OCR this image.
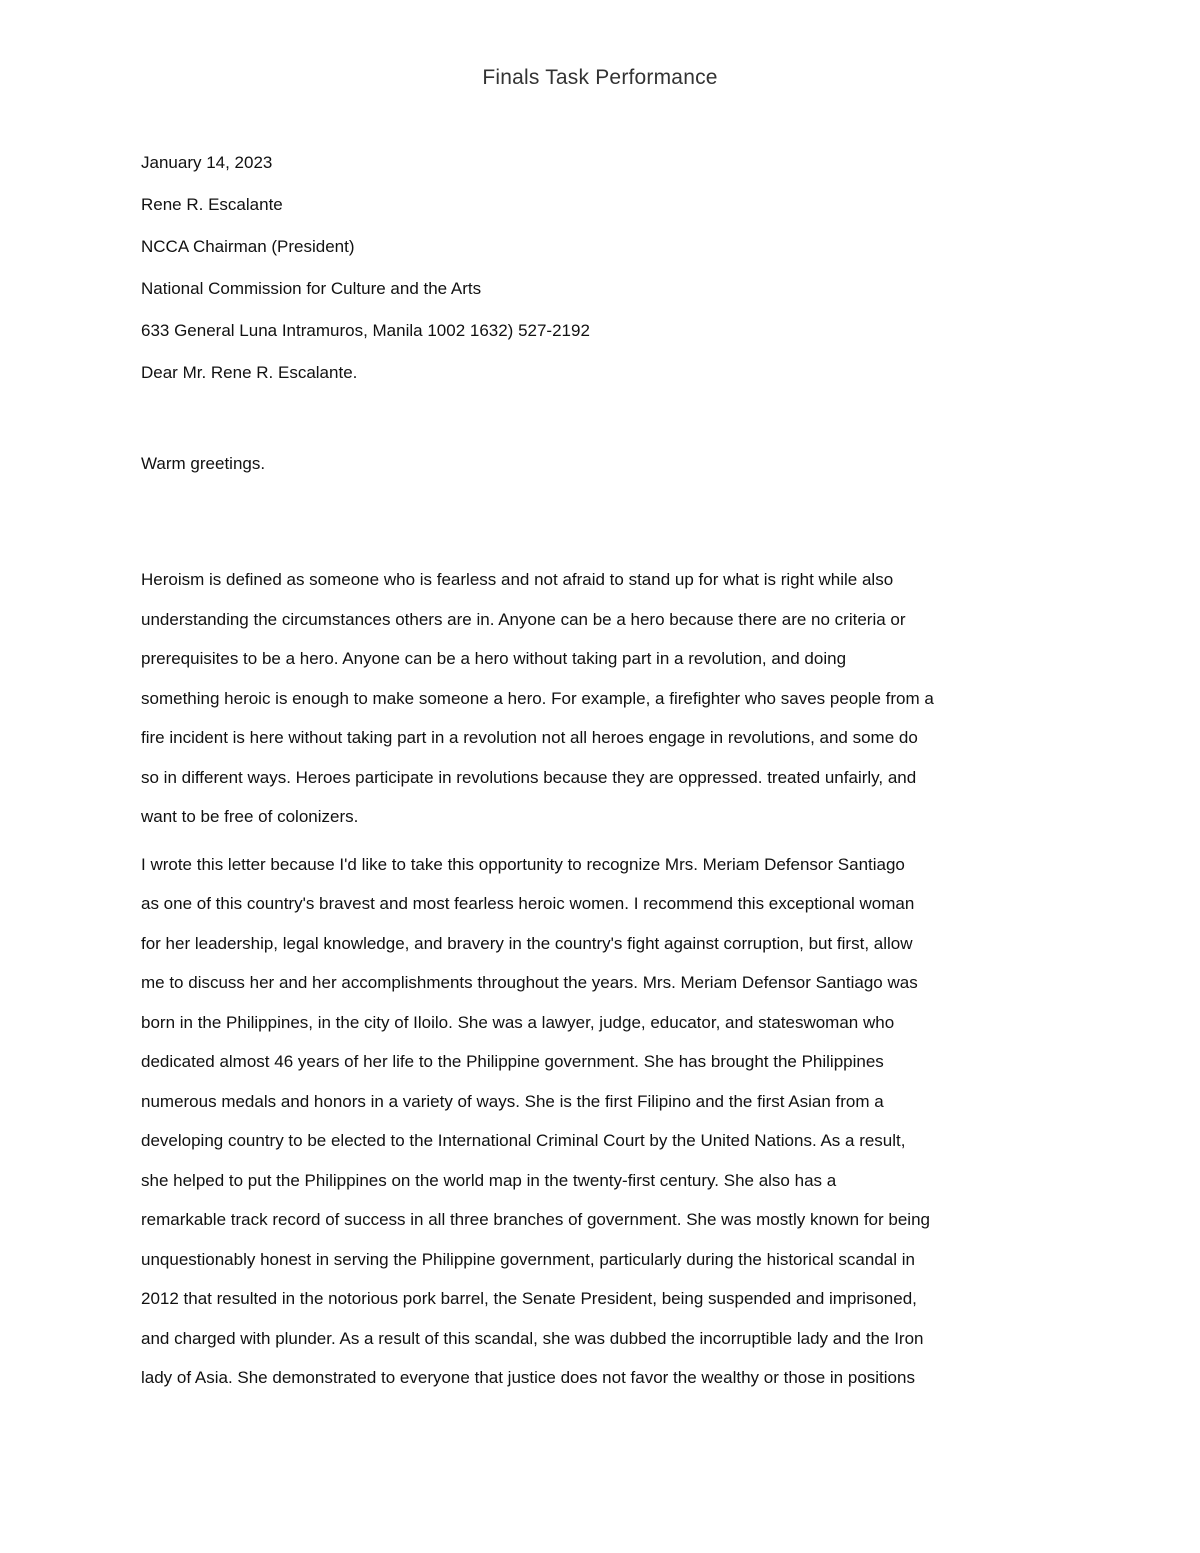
Finals Task Performance
January 14, 2023
Rene R. Escalante
NCCA Chairman (President)
National Commission for Culture and the Arts
633 General Luna Intramuros, Manila 1002 1632) 527-2192
Dear Mr. Rene R. Escalante.
Warm greetings.
Heroism is defined as someone who is fearless and not afraid to stand up for what is right while also
understanding the circumstances others are in. Anyone can be a hero because there are no criteria or
prerequisites to be a hero. Anyone can be a hero without taking part in a revolution, and doing
something heroic is enough to make someone a hero. For example, a firefighter who saves people from a
fire incident is here without taking part in a revolution not all heroes engage in revolutions, and some do
so in different ways. Heroes participate in revolutions because they are oppressed. treated unfairly, and
want to be free of colonizers.
I wrote this letter because I'd like to take this opportunity to recognize Mrs. Meriam Defensor Santiago
as one of this country's bravest and most fearless heroic women. I recommend this exceptional woman
for her leadership, legal knowledge, and bravery in the country's fight against corruption, but first, allow
me to discuss her and her accomplishments throughout the years. Mrs. Meriam Defensor Santiago was
born in the Philippines, in the city of Iloilo. She was a lawyer, judge, educator, and stateswoman who
dedicated almost 46 years of her life to the Philippine government. She has brought the Philippines
numerous medals and honors in a variety of ways. She is the first Filipino and the first Asian from a
developing country to be elected to the International Criminal Court by the United Nations. As a result,
she helped to put the Philippines on the world map in the twenty-first century. She also has a
remarkable track record of success in all three branches of government. She was mostly known for being
unquestionably honest in serving the Philippine government, particularly during the historical scandal in
2012 that resulted in the notorious pork barrel, the Senate President, being suspended and imprisoned,
and charged with plunder. As a result of this scandal, she was dubbed the incorruptible lady and the Iron
lady of Asia. She demonstrated to everyone that justice does not favor the wealthy or those in positions
